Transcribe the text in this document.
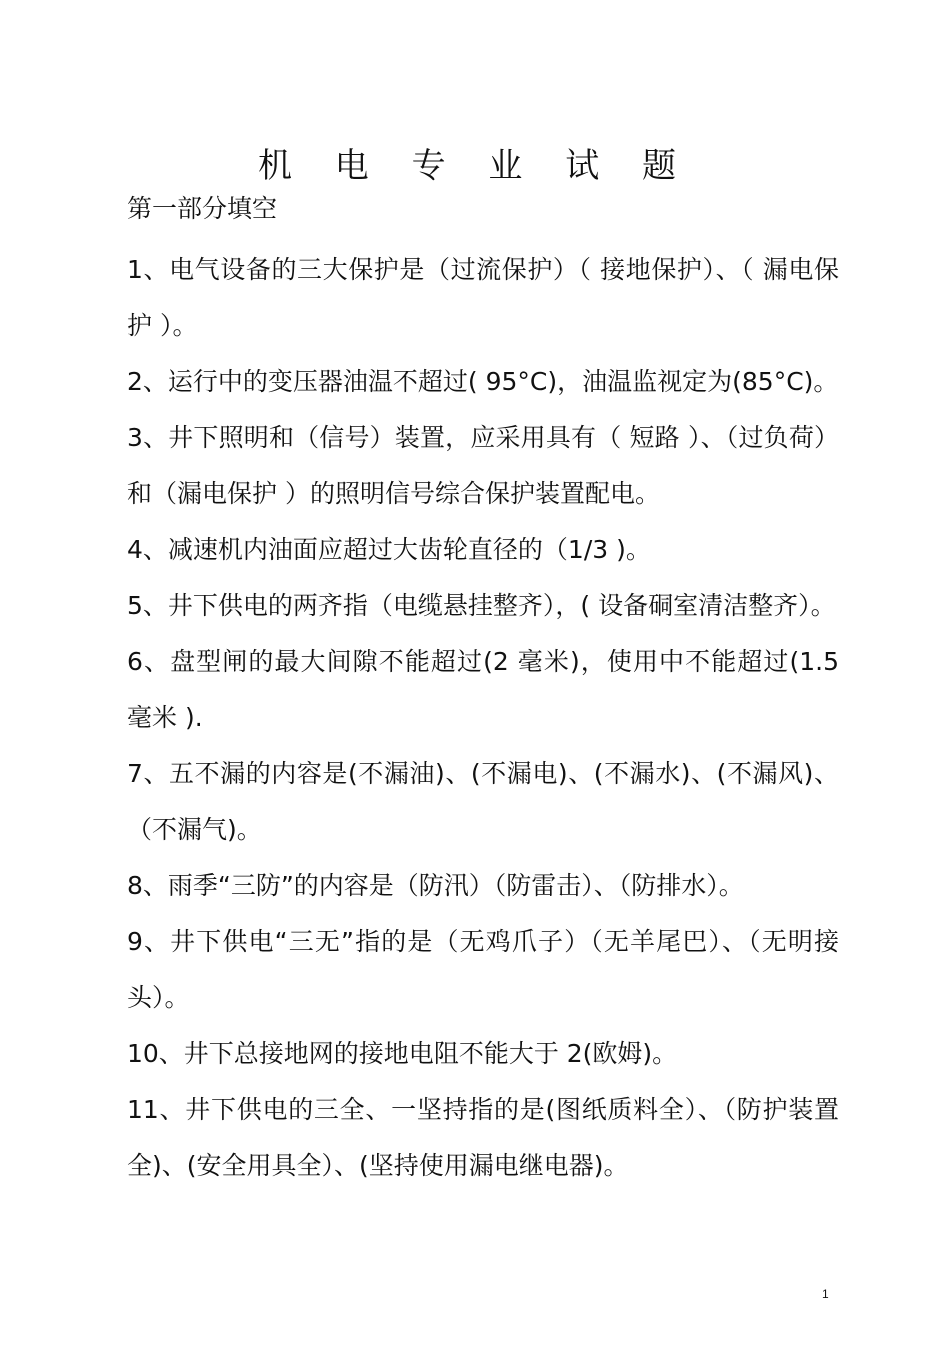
机 电 专 业 试 题

第一部分填空

1、电气设备的三大保护是（过流保护）（ 接地保护）、（ 漏电保护 ）。
2、运行中的变压器油温不超过( 95°C)，油温监视定为(85°C)。
3、井下照明和（信号）装置，应采用具有（ 短路 ）、（过负荷）和（漏电保护 ）的照明信号综合保护装置配电。
4、减速机内油面应超过大齿轮直径的（1/3 )。
5、井下供电的两齐指（电缆悬挂整齐），( 设备硐室清洁整齐）。
6、盘型闸的最大间隙不能超过(2 毫米)，使用中不能超过(1.5 毫米 ).
7、五不漏的内容是(不漏油)、(不漏电)、(不漏水)、(不漏风)、（不漏气)。
8、雨季“三防”的内容是（防汛）（防雷击）、（防排水）。
9、井下供电“三无”指的是（无鸡爪子）（无羊尾巴）、（无明接头）。
10、井下总接地网的接地电阻不能大于 2(欧姆)。
11、井下供电的三全、一坚持指的是(图纸质料全）、（防护装置全)、(安全用具全）、(坚持使用漏电继电器)。
1
